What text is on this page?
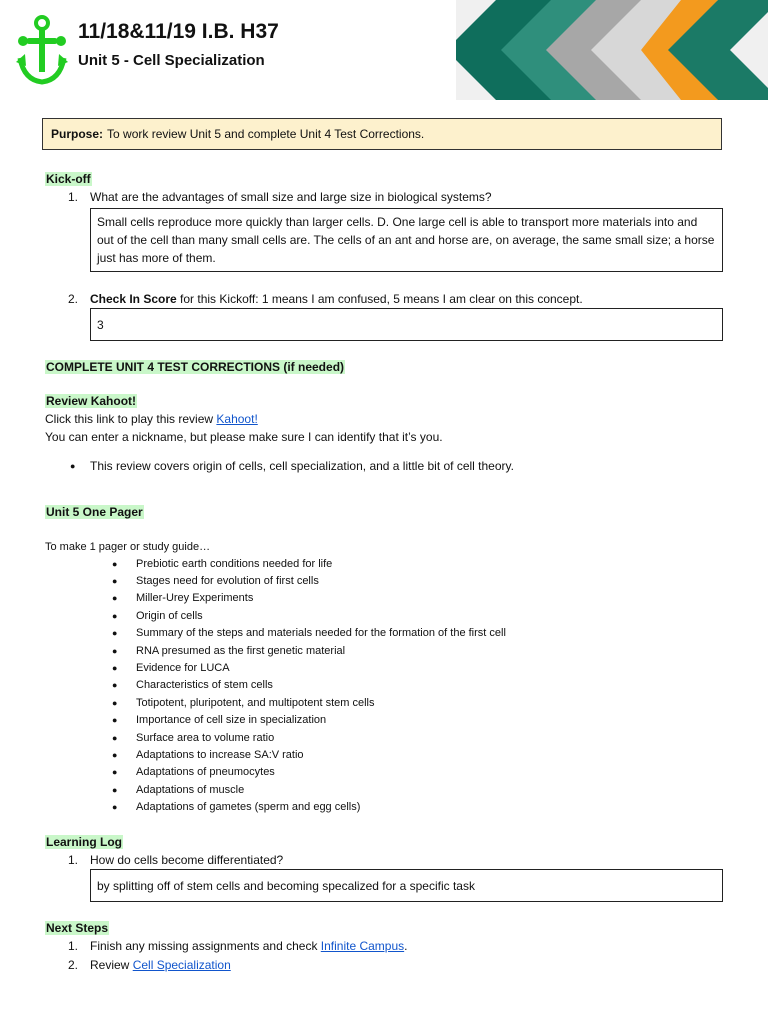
11/18&11/19 I.B. H37
Unit 5 - Cell Specialization
Purpose: To work review Unit 5 and complete Unit 4 Test Corrections.
Kick-off
1. What are the advantages of small size and large size in biological systems?
Small cells reproduce more quickly than larger cells. D. One large cell is able to transport more materials into and out of the cell than many small cells are. The cells of an ant and horse are, on average, the same small size; a horse just has more of them.
2. Check In Score for this Kickoff: 1 means I am confused, 5 means I am clear on this concept.
3
COMPLETE UNIT 4 TEST CORRECTIONS (if needed)
Review Kahoot!
Click this link to play this review Kahoot!
You can enter a nickname, but please make sure I can identify that it’s you.
● This review covers origin of cells, cell specialization, and a little bit of cell theory.
Unit 5 One Pager
To make 1 pager or study guide…
●	Prebiotic earth conditions needed for life
●	Stages need for evolution of first cells
●	Miller-Urey Experiments
●	Origin of cells
●	Summary of the steps and materials needed for the formation of the first cell
●	RNA presumed as the first genetic material
●	Evidence for LUCA
●	Characteristics of stem cells
●	Totipotent, pluripotent, and multipotent stem cells
●	Importance of cell size in specialization
●	Surface area to volume ratio
●	Adaptations to increase SA:V ratio
●	Adaptations of pneumocytes
●	Adaptations of muscle
●	Adaptations of gametes (sperm and egg cells)
Learning Log
1. How do cells become differentiated?
by splitting off of stem cells and becoming specalized for a specific task
Next Steps
1. Finish any missing assignments and check Infinite Campus.
2. Review Cell Specialization
